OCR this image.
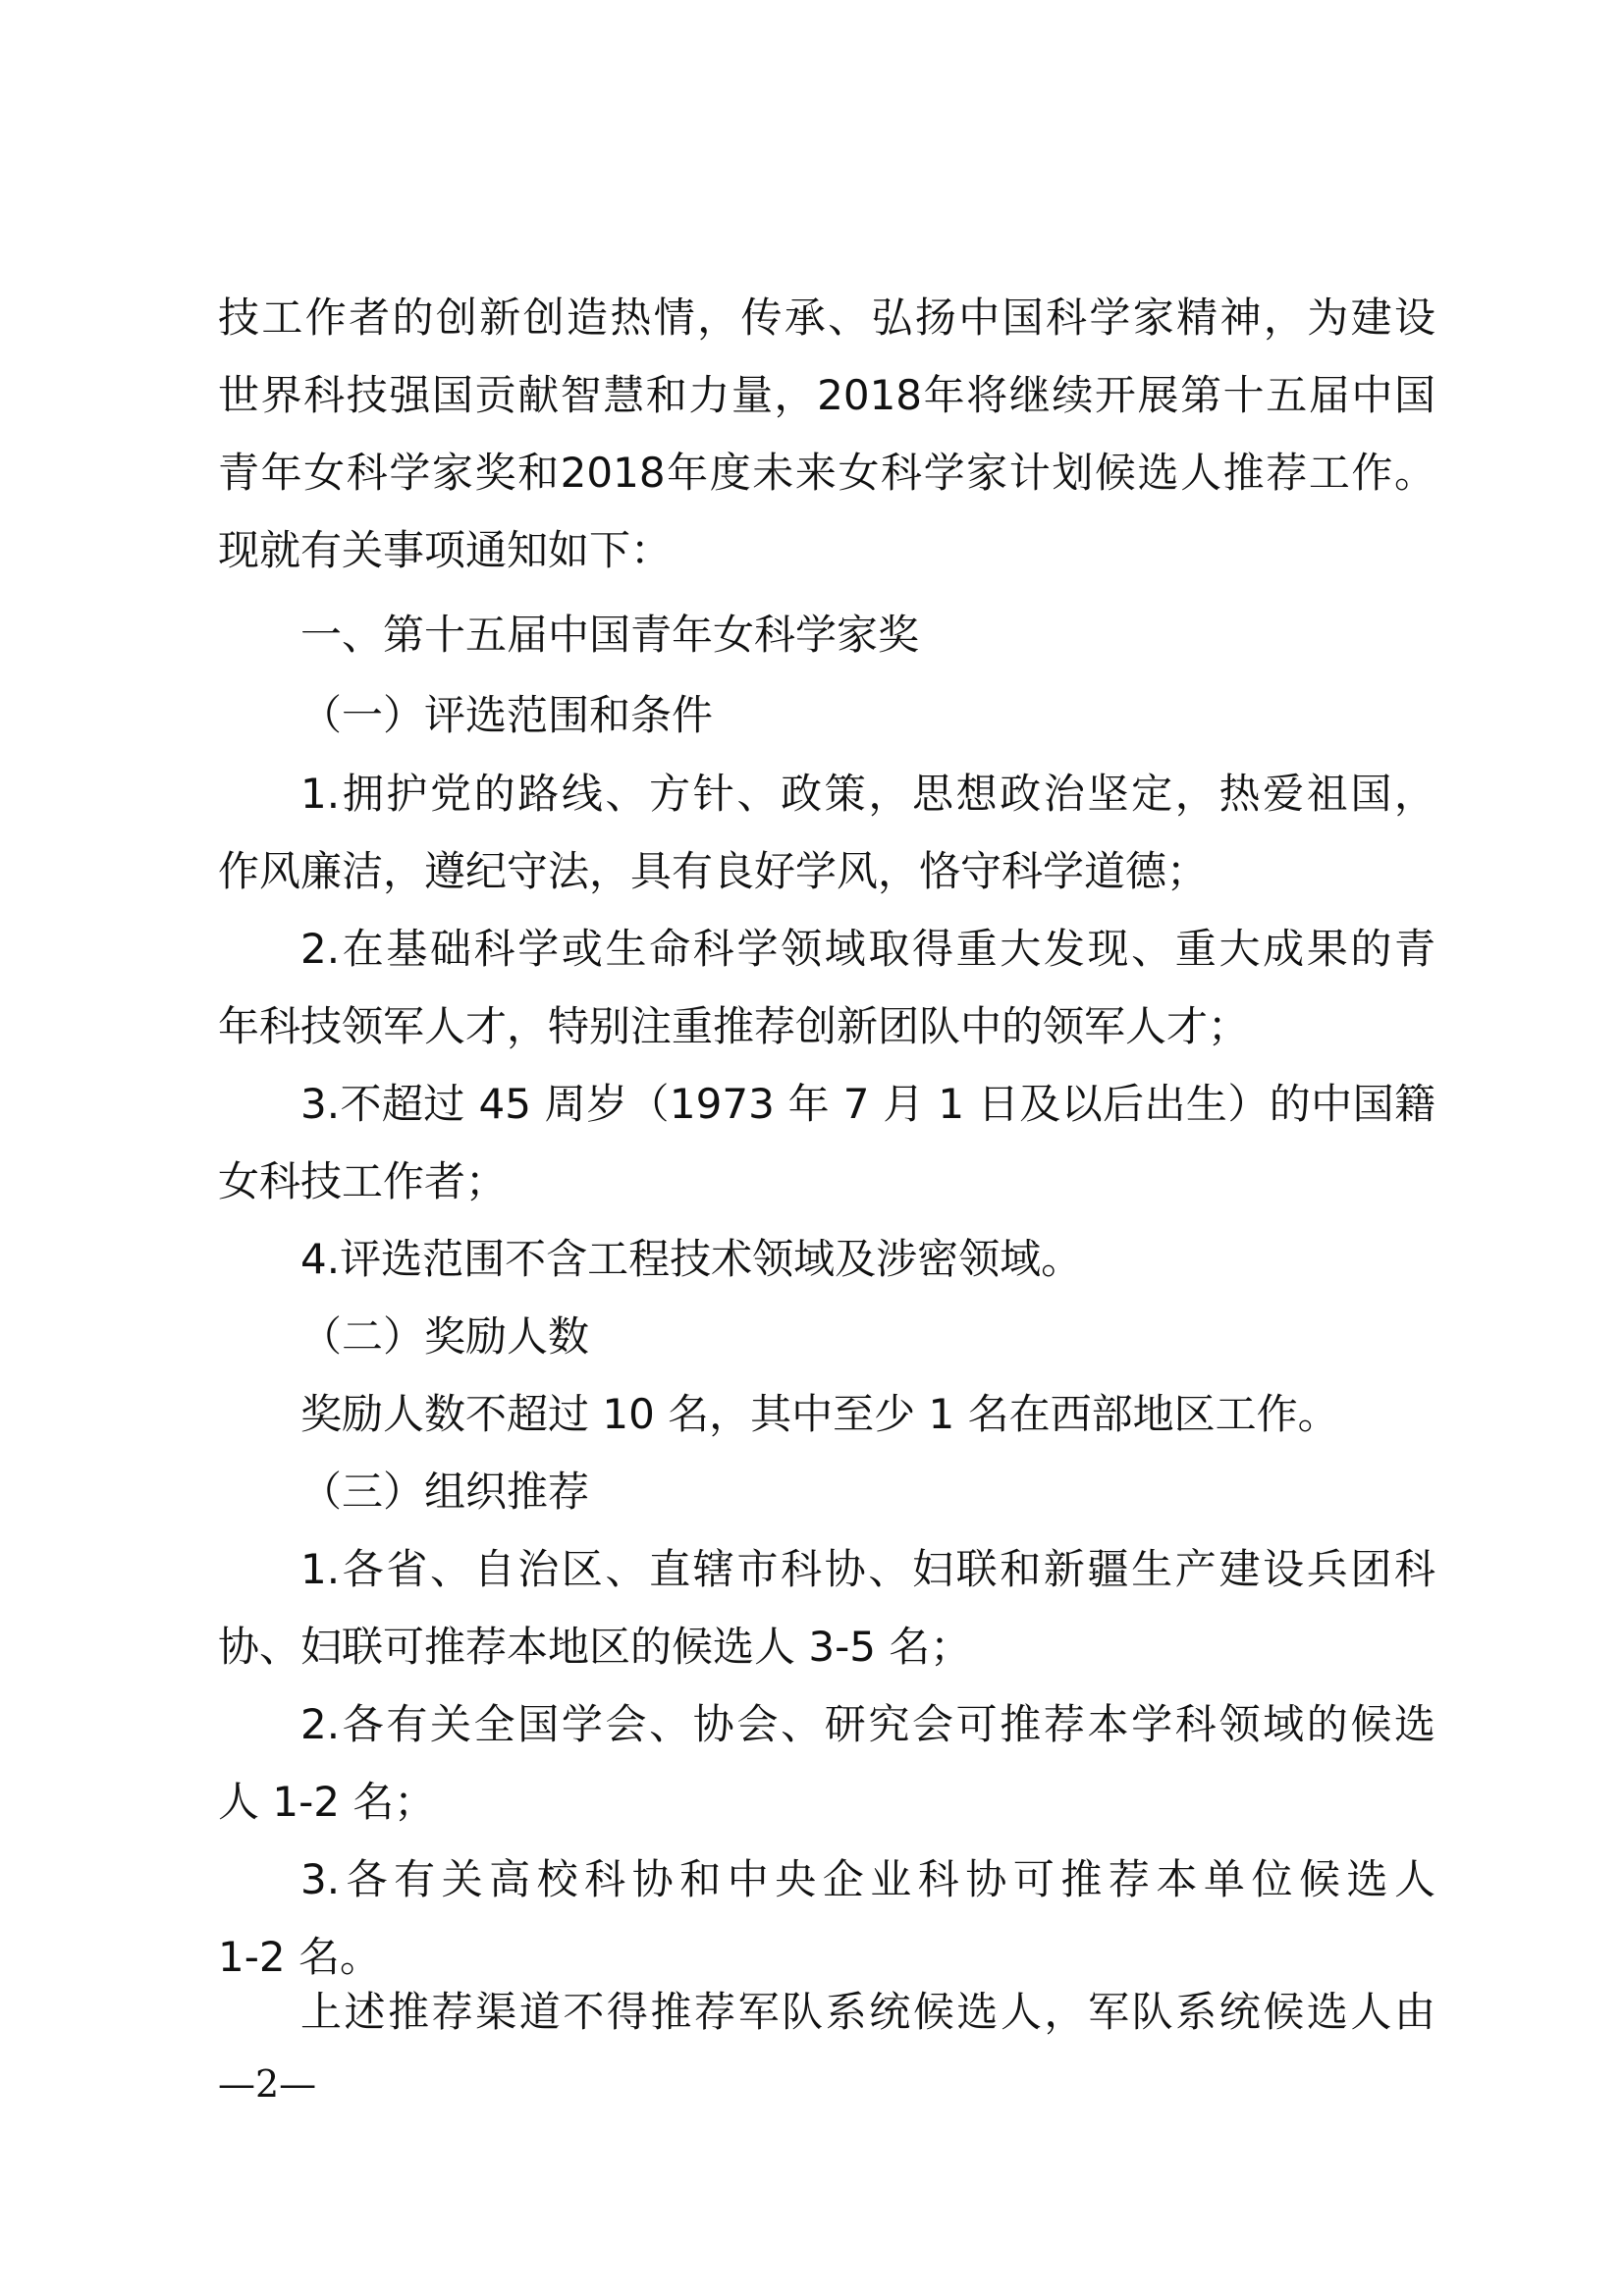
技工作者的创新创造热情，传承、弘扬中国科学家精神，为建设
世界科技强国贡献智慧和力量，2018年将继续开展第十五届中国
青年女科学家奖和2018年度未来女科学家计划候选人推荐工作。
现就有关事项通知如下：
一、第十五届中国青年女科学家奖
（一）评选范围和条件
1.拥护党的路线、方针、政策，思想政治坚定，热爱祖国，
作风廉洁，遵纪守法，具有良好学风，恪守科学道德；
2.在基础科学或生命科学领域取得重大发现、重大成果的青
年科技领军人才，特别注重推荐创新团队中的领军人才；
3.不超过 45 周岁（1973 年 7 月 1 日及以后出生）的中国籍
女科技工作者；
4.评选范围不含工程技术领域及涉密领域。
（二）奖励人数
奖励人数不超过 10 名，其中至少 1 名在西部地区工作。
（三）组织推荐
1.各省、自治区、直辖市科协、妇联和新疆生产建设兵团科
协、妇联可推荐本地区的候选人 3-5 名；
2.各有关全国学会、协会、研究会可推荐本学科领域的候选
人 1-2 名；
3.各有关高校科协和中央企业科协可推荐本单位候选人
1-2 名。
上述推荐渠道不得推荐军队系统候选人，军队系统候选人由
—2—
